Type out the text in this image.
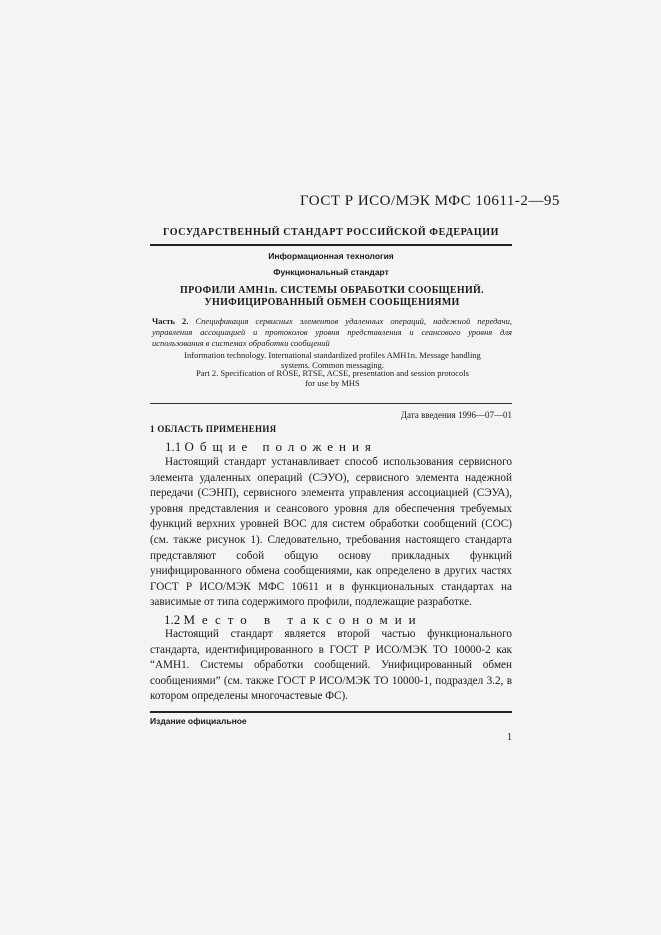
ГОСТ Р ИСО/МЭК МФС 10611-2—95
ГОСУДАРСТВЕННЫЙ СТАНДАРТ РОССИЙСКОЙ ФЕДЕРАЦИИ
Информационная технология
Функциональный стандарт
ПРОФИЛИ AMH1n. СИСТЕМЫ ОБРАБОТКИ СООБЩЕНИЙ. УНИФИЦИРОВАННЫЙ ОБМЕН СООБЩЕНИЯМИ
Часть 2. Спецификация сервисных элементов удаленных операций, надежной передачи, управления ассоциацией и протоколов уровня представления и сеансового уровня для использования в системах обработки сообщений
Information technology. International standardized profiles AMH1n. Message handling
systems. Common messaging.
Part 2. Specification of ROSE, RTSE, ACSE, presentation and session protocols
for use by MHS
Дата введения 1996—07—01
1 ОБЛАСТЬ ПРИМЕНЕНИЯ
1.1 Общие положения
Настоящий стандарт устанавливает способ использования сервисного элемента удаленных операций (СЭУО), сервисного элемента надежной передачи (СЭНП), сервисного элемента управления ассоциацией (СЭУА), уровня представления и сеансового уровня для обеспечения требуемых функций верхних уровней ВОС для систем обработки сообщений (СОС) (см. также рисунок 1). Следовательно, требования настоящего стандарта представляют собой общую основу прикладных функций унифицированного обмена сообщениями, как определено в других частях ГОСТ Р ИСО/МЭК МФС 10611 и в функциональных стандартах на зависимые от типа содержимого профили, подлежащие разработке.
1.2 Место в таксономии
Настоящий стандарт является второй частью функционального стандарта, идентифицированного в ГОСТ Р ИСО/МЭК ТО 10000-2 как “АМН1. Системы обработки сообщений. Унифицированный обмен сообщениями” (см. также ГОСТ Р ИСО/МЭК ТО 10000-1, подраздел 3.2, в котором определены многочастевые ФС).
Издание официальное
1
